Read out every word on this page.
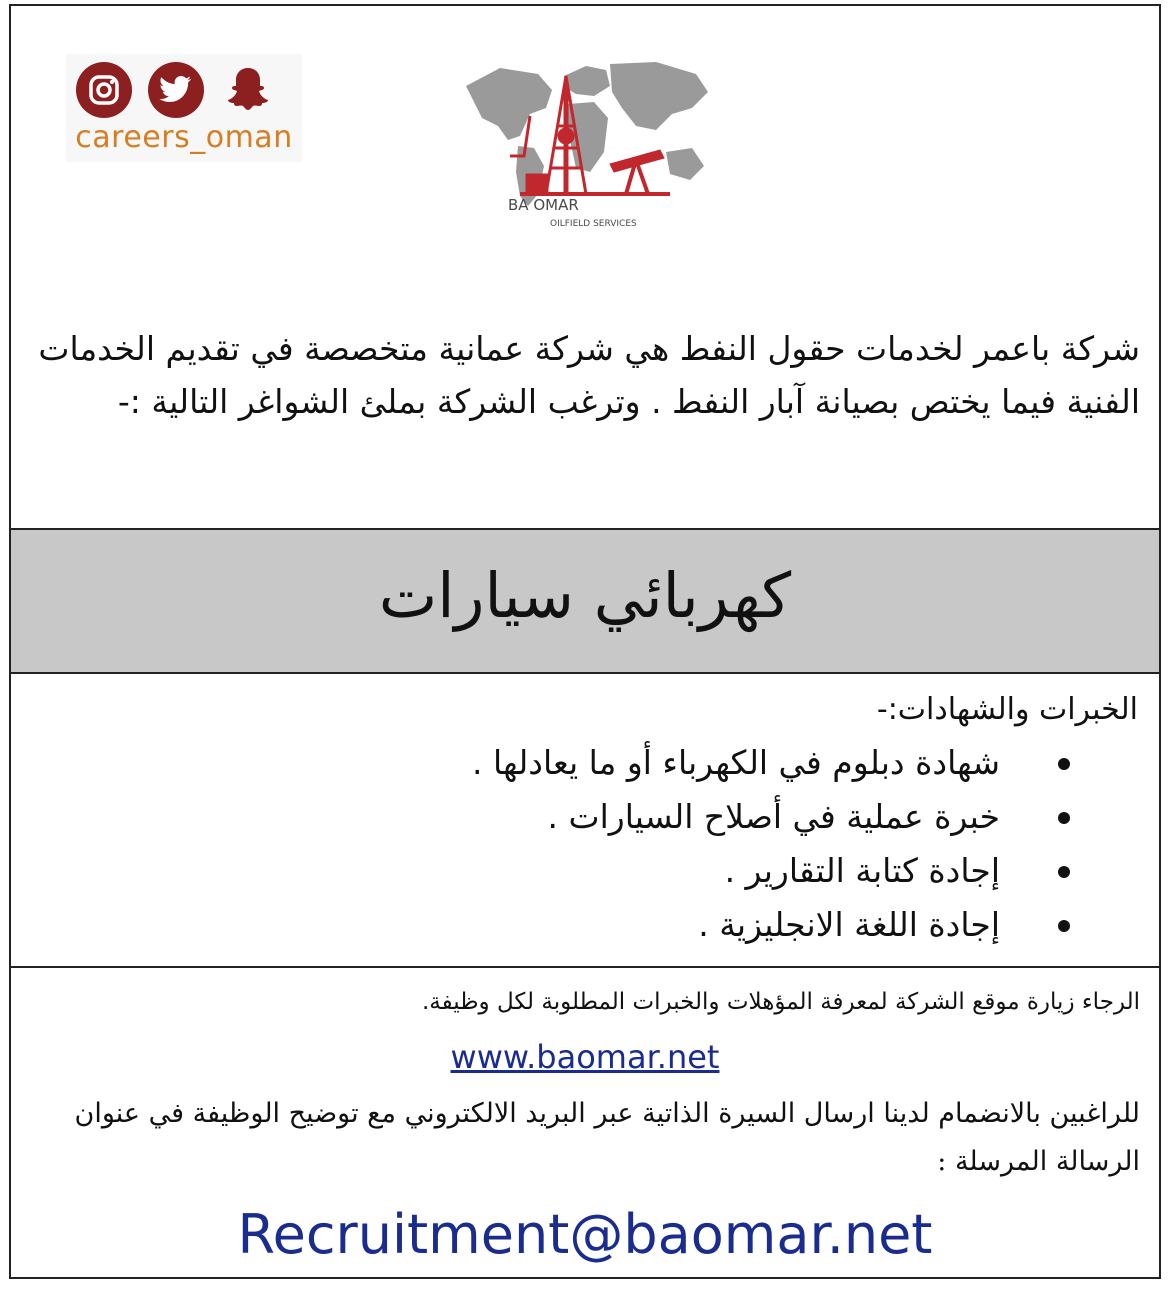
careers_oman
BA OMAR
OILFIELD SERVICES
شركة باعمر لخدمات حقول النفط هي شركة عمانية متخصصة في تقديم الخدمات الفنية فيما يختص بصيانة آبار النفط . وترغب الشركة بملئ الشواغر التالية :-
كهربائي سيارات
الخبرات والشهادات:-
شهادة دبلوم في الكهرباء أو ما يعادلها .
خبرة عملية في أصلاح السيارات .
إجادة كتابة التقارير .
إجادة اللغة الانجليزية .
الرجاء زيارة موقع الشركة لمعرفة المؤهلات والخبرات المطلوبة لكل وظيفة.
www.baomar.net
للراغبين بالانضمام لدينا ارسال السيرة الذاتية عبر البريد الالكتروني مع توضيح الوظيفة في عنوان الرسالة المرسلة :
Recruitment@baomar.net
